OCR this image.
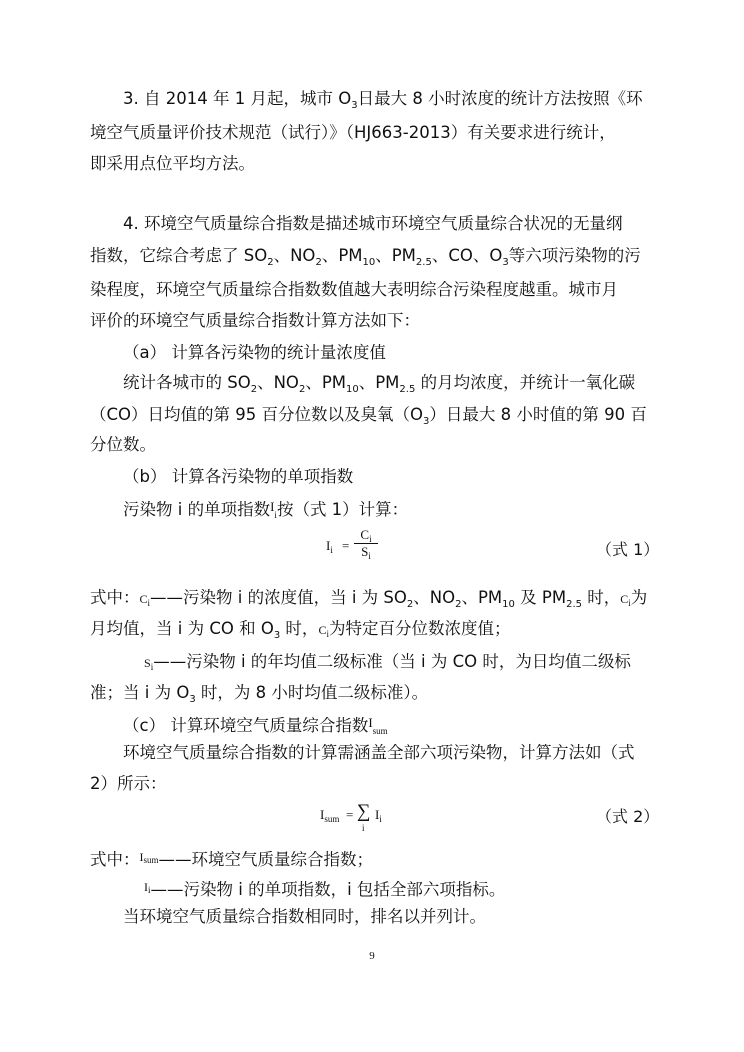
3. 自 2014 年 1 月起，城市 $O_3$日最大 8 小时浓度的统计方法按照《环
境空气质量评价技术规范（试行）》（HJ663-2013）有关要求进行统计，
即采用点位平均方法。
4. 环境空气质量综合指数是描述城市环境空气质量综合状况的无量纲
指数，它综合考虑了 $SO_2$、$NO_2$、$PM_{10}$、$PM_{2.5}$、CO、$O_3$等六项污染物的污
染程度，环境空气质量综合指数数值越大表明综合污染程度越重。城市月
评价的环境空气质量综合指数计算方法如下：
（a） 计算各污染物的统计量浓度值
统计各城市的 $SO_2$、$NO_2$、$PM_{10}$、$PM_{2.5}$ 的月均浓度，并统计一氧化碳
（CO）日均值的第 95 百分位数以及臭氧$(O_3)$日最大 8 小时值的第 90 百
分位数。
（b） 计算各污染物的单项指数
污染物 i 的单项指数$^I$i按（式 1）计算：
$I_i$ =
$C_i$
$S_i$	（式 1）
式中：Ci——污染物 i 的浓度值，当 i 为 $SO_2$、$NO_2$、$PM_{10}$ 及 $PM_{2.5}$ 时，Ci为
月均值，当 i 为 CO 和 $O_3$ 时，Ci为特定百分位数浓度值；
Si——污染物 i 的年均值二级标准（当 i 为 CO 时，为日均值二级标
准；当 i 为 $O_3$ 时，为 8 小时均值二级标准）。
（c） 计算环境空气质量综合指数$^I$sum
环境空气质量综合指数的计算需涵盖全部六项污染物，计算方法如（式
2）所示：
$I_{sum}$ = ∑
i
$I_i$	（式 2）
式中：$^I$sum——环境空气质量综合指数；
$^I$i——污染物 i 的单项指数，i 包括全部六项指标。
当环境空气质量综合指数相同时，排名以并列计。
9
